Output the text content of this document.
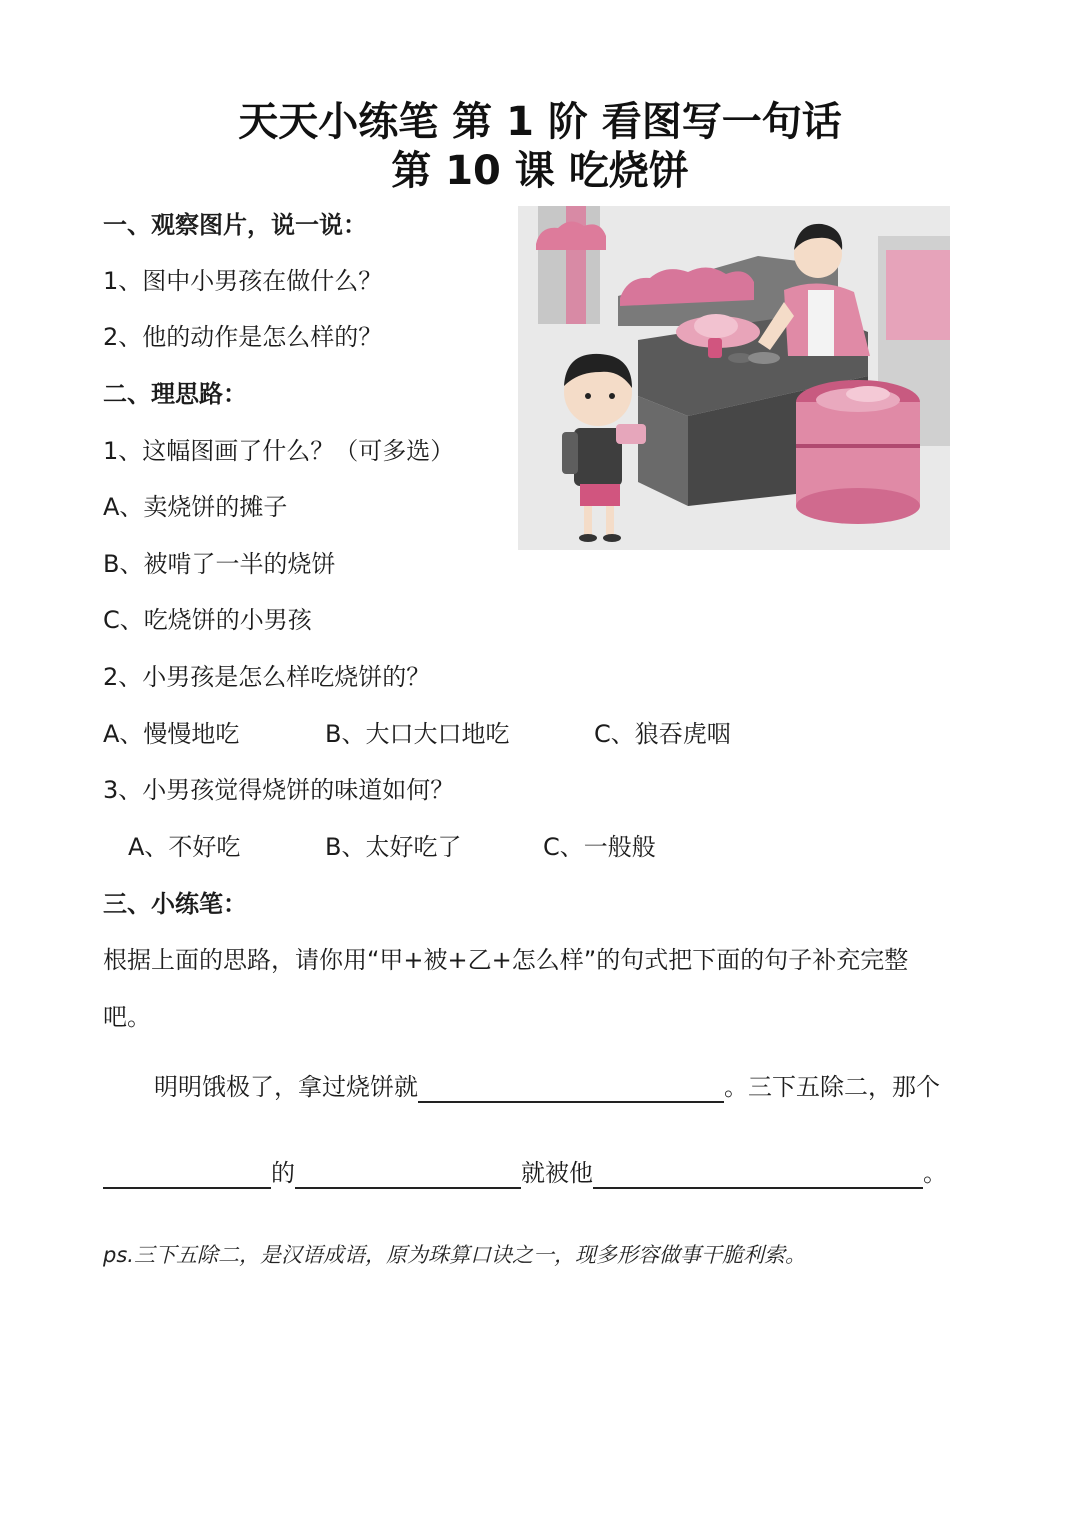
天天小练笔 第 1 阶 看图写一句话
第 10 课 吃烧饼
一、观察图片，说一说：
1、图中小男孩在做什么？
2、他的动作是怎么样的？
二、理思路：
1、这幅图画了什么？（可多选）
A、卖烧饼的摊子
B、被啃了一半的烧饼
C、吃烧饼的小男孩
2、小男孩是怎么样吃烧饼的？
A、慢慢地吃	B、大口大口地吃	C、狼吞虎咽
3、小男孩觉得烧饼的味道如何？
A、不好吃	B、太好吃了	C、一般般
三、小练笔：
根据上面的思路，请你用“甲+被+乙+怎么样”的句式把下面的句子补充完整
吧。
明明饿极了，拿过烧饼就	。三下五除二，那个
的	就被他	。
ps.三下五除二，是汉语成语，原为珠算口诀之一，现多形容做事干脆利索。
